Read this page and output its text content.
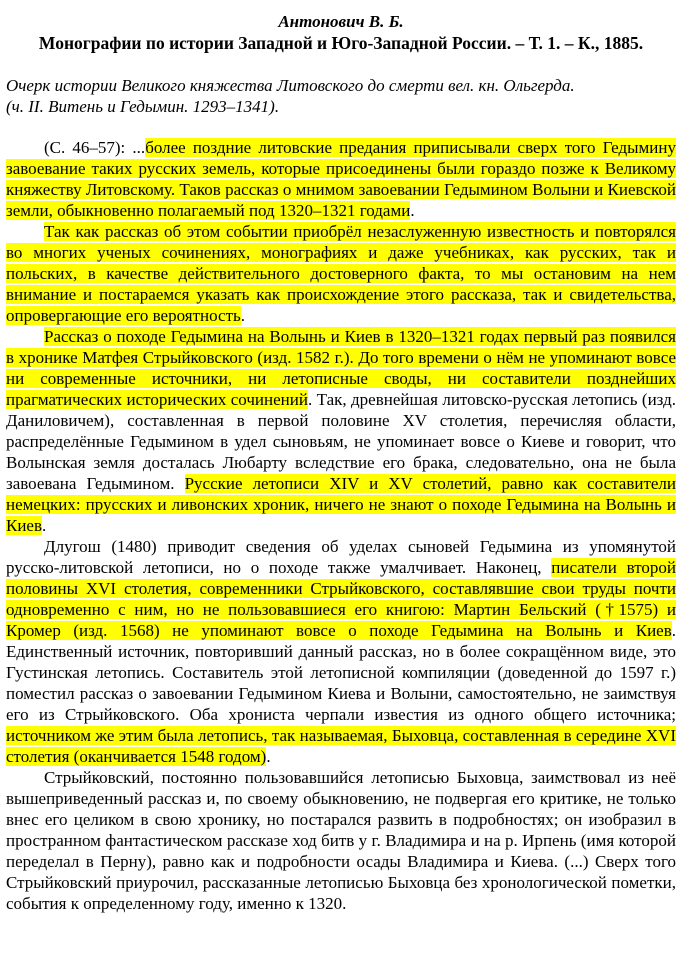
Антонович В. Б.
Монографии по истории Западной и Юго-Западной России. – Т. 1. – К., 1885.
Очерк истории Великого княжества Литовского до смерти вел. кн. Ольгерда.
(ч. II. Витень и Гедымин. 1293–1341).

(С. 46–57): ...более поздние литовские предания приписывали сверх того Гедымину завоевание таких русских земель, которые присоединены были гораздо позже к Великому княжеству Литовскому. Таков рассказ о мнимом завоевании Гедымином Волыни и Киевской земли, обыкновенно полагаемый под 1320–1321 годами.

Так как рассказ об этом событии приобрёл незаслуженную известность и повторялся во многих ученых сочинениях, монографиях и даже учебниках, как русских, так и польских, в качестве действительного достоверного факта, то мы остановим на нем внимание и постараемся указать как происхождение этого рассказа, так и свидетельства, опровергающие его вероятность.

Рассказ о походе Гедымина на Волынь и Киев в 1320–1321 годах первый раз появился в хронике Матфея Стрыйковского (изд. 1582 г.). До того времени о нём не упоминают вовсе ни современные источники, ни летописные своды, ни составители позднейших прагматических исторических сочинений. Так, древнейшая литовско-русская летопись (изд. Даниловичем), составленная в первой половине XV столетия, перечисляя области, распределённые Гедымином в удел сыновьям, не упоминает вовсе о Киеве и говорит, что Волынская земля досталась Любарту вследствие его брака, следовательно, она не была завоевана Гедымином. Русские летописи XIV и XV столетий, равно как составители немецких: прусских и ливонских хроник, ничего не знают о походе Гедымина на Волынь и Киев.

Длугош (1480) приводит сведения об уделах сыновей Гедымина из упомянутой русско-литовской летописи, но о походе также умалчивает. Наконец, писатели второй половины XVI столетия, современники Стрыйковского, составлявшие свои труды почти одновременно с ним, но не пользовавшиеся его книгою: Мартин Бельский (†1575) и Кромер (изд. 1568) не упоминают вовсе о походе Гедымина на Волынь и Киев. Единственный источник, повторивший данный рассказ, но в более сокращённом виде, это Густинская летопись. Составитель этой летописной компиляции (доведенной до 1597 г.) поместил рассказ о завоевании Гедымином Киева и Волыни, самостоятельно, не заимствуя его из Стрыйковского. Оба хрониста черпали известия из одного общего источника; источником же этим была летопись, так называемая, Быховца, составленная в середине XVI столетия (оканчивается 1548 годом).

Стрыйковский, постоянно пользовавшийся летописью Быховца, заимствовал из неё вышеприведенный рассказ и, по своему обыкновению, не подвергая его критике, не только внес его целиком в свою хронику, но постарался развить в подробностях; он изобразил в пространном фантастическом рассказе ход битв у г. Владимира и на р. Ирпень (имя которой переделал в Перну), равно как и подробности осады Владимира и Киева. (...) Сверх того Стрыйковский приурочил, рассказанные летописью Быховца без хронологической пометки, события к определенному году, именно к 1320.
